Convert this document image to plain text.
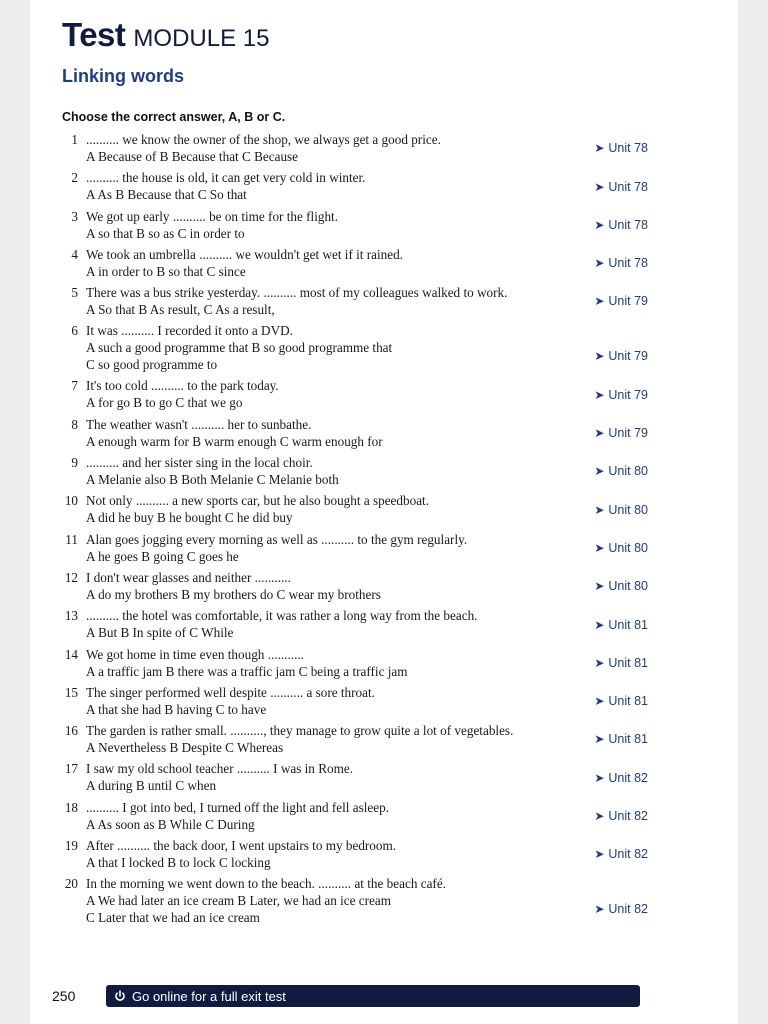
Test MODULE 15
Linking words
Choose the correct answer, A, B or C.
1 .......... we know the owner of the shop, we always get a good price.
A Because of B Because that C Because
➤ Unit 78
2 .......... the house is old, it can get very cold in winter.
A As B Because that C So that
➤ Unit 78
3 We got up early .......... be on time for the flight.
A so that B so as C in order to
➤ Unit 78
4 We took an umbrella .......... we wouldn't get wet if it rained.
A in order to B so that C since
➤ Unit 78
5 There was a bus strike yesterday. .......... most of my colleagues walked to work.
A So that B As result, C As a result,
➤ Unit 79
6 It was .......... I recorded it onto a DVD.
A such a good programme that B so good programme that
C so good programme to
➤ Unit 79
7 It's too cold .......... to the park today.
A for go B to go C that we go
➤ Unit 79
8 The weather wasn't .......... her to sunbathe.
A enough warm for B warm enough C warm enough for
➤ Unit 79
9 .......... and her sister sing in the local choir.
A Melanie also B Both Melanie C Melanie both
➤ Unit 80
10 Not only .......... a new sports car, but he also bought a speedboat.
A did he buy B he bought C he did buy
➤ Unit 80
11 Alan goes jogging every morning as well as .......... to the gym regularly.
A he goes B going C goes he
➤ Unit 80
12 I don't wear glasses and neither ...........
A do my brothers B my brothers do C wear my brothers
➤ Unit 80
13 .......... the hotel was comfortable, it was rather a long way from the beach.
A But B In spite of C While
➤ Unit 81
14 We got home in time even though ...........
A a traffic jam B there was a traffic jam C being a traffic jam
➤ Unit 81
15 The singer performed well despite .......... a sore throat.
A that she had B having C to have
➤ Unit 81
16 The garden is rather small. .........., they manage to grow quite a lot of vegetables.
A Nevertheless B Despite C Whereas
➤ Unit 81
17 I saw my old school teacher .......... I was in Rome.
A during B until C when
➤ Unit 82
18 .......... I got into bed, I turned off the light and fell asleep.
A As soon as B While C During
➤ Unit 82
19 After .......... the back door, I went upstairs to my bedroom.
A that I locked B to lock C locking
➤ Unit 82
20 In the morning we went down to the beach. .......... at the beach café.
A We had later an ice cream B Later, we had an ice cream
C Later that we had an ice cream
➤ Unit 82
250	Go online for a full exit test
